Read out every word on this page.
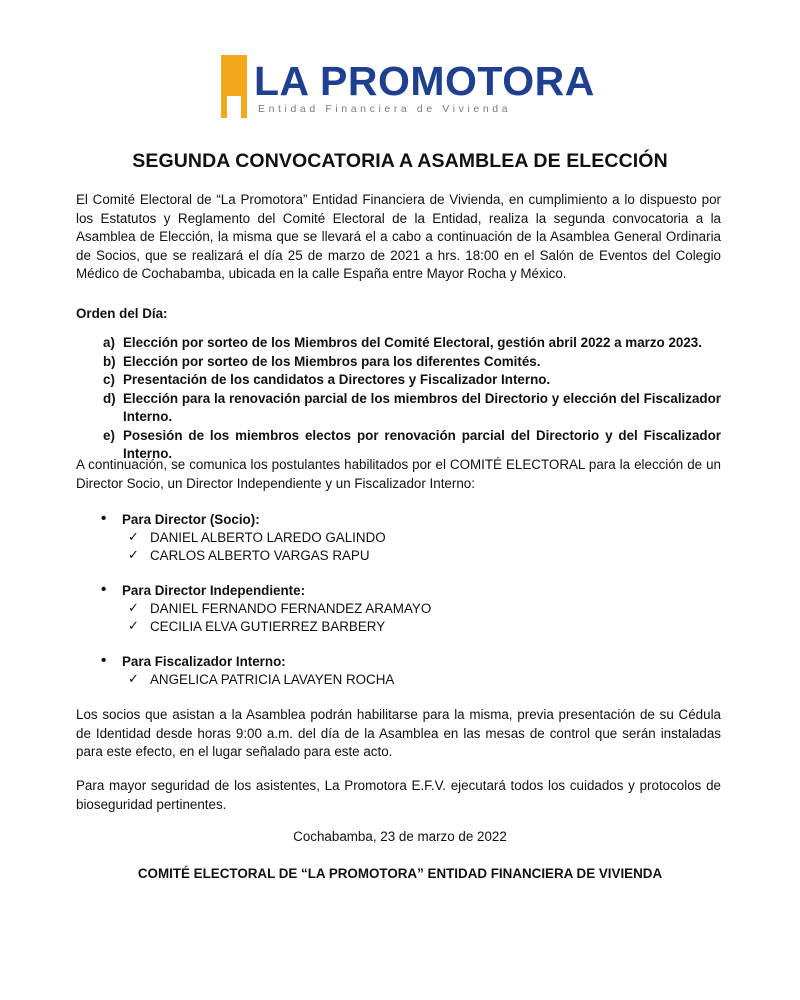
LA PROMOTORA
Entidad Financiera de Vivienda
SEGUNDA CONVOCATORIA A ASAMBLEA DE ELECCIÓN

El Comité Electoral de “La Promotora” Entidad Financiera de Vivienda, en cumplimiento a lo dispuesto por los Estatutos y Reglamento del Comité Electoral de la Entidad, realiza la segunda convocatoria a la Asamblea de Elección, la misma que se llevará el a cabo a continuación de la Asamblea General Ordinaria de Socios, que se realizará el día 25 de marzo de 2021 a hrs. 18:00 en el Salón de Eventos del Colegio Médico de Cochabamba, ubicada en la calle España entre Mayor Rocha y México.

Orden del Día:
a) Elección por sorteo de los Miembros del Comité Electoral, gestión abril 2022 a marzo 2023.
b) Elección por sorteo de los Miembros para los diferentes Comités.
c) Presentación de los candidatos a Directores y Fiscalizador Interno.
d) Elección para la renovación parcial de los miembros del Directorio y elección del Fiscalizador Interno.
e) Posesión de los miembros electos por renovación parcial del Directorio y del Fiscalizador Interno.

A continuación, se comunica los postulantes habilitados por el COMITÉ ELECTORAL para la elección de un Director Socio, un Director Independiente y un Fiscalizador Interno:

• Para Director (Socio):
✓ DANIEL ALBERTO LAREDO GALINDO
✓ CARLOS ALBERTO VARGAS RAPU
• Para Director Independiente:
✓ DANIEL FERNANDO FERNANDEZ ARAMAYO
✓ CECILIA ELVA GUTIERREZ BARBERY
• Para Fiscalizador Interno:
✓ ANGELICA PATRICIA LAVAYEN ROCHA

Los socios que asistan a la Asamblea podrán habilitarse para la misma, previa presentación de su Cédula de Identidad desde horas 9:00 a.m. del día de la Asamblea en las mesas de control que serán instaladas para este efecto, en el lugar señalado para este acto.

Para mayor seguridad de los asistentes, La Promotora E.F.V. ejecutará todos los cuidados y protocolos de bioseguridad pertinentes.

Cochabamba, 23 de marzo de 2022
COMITÉ ELECTORAL DE “LA PROMOTORA” ENTIDAD FINANCIERA DE VIVIENDA
